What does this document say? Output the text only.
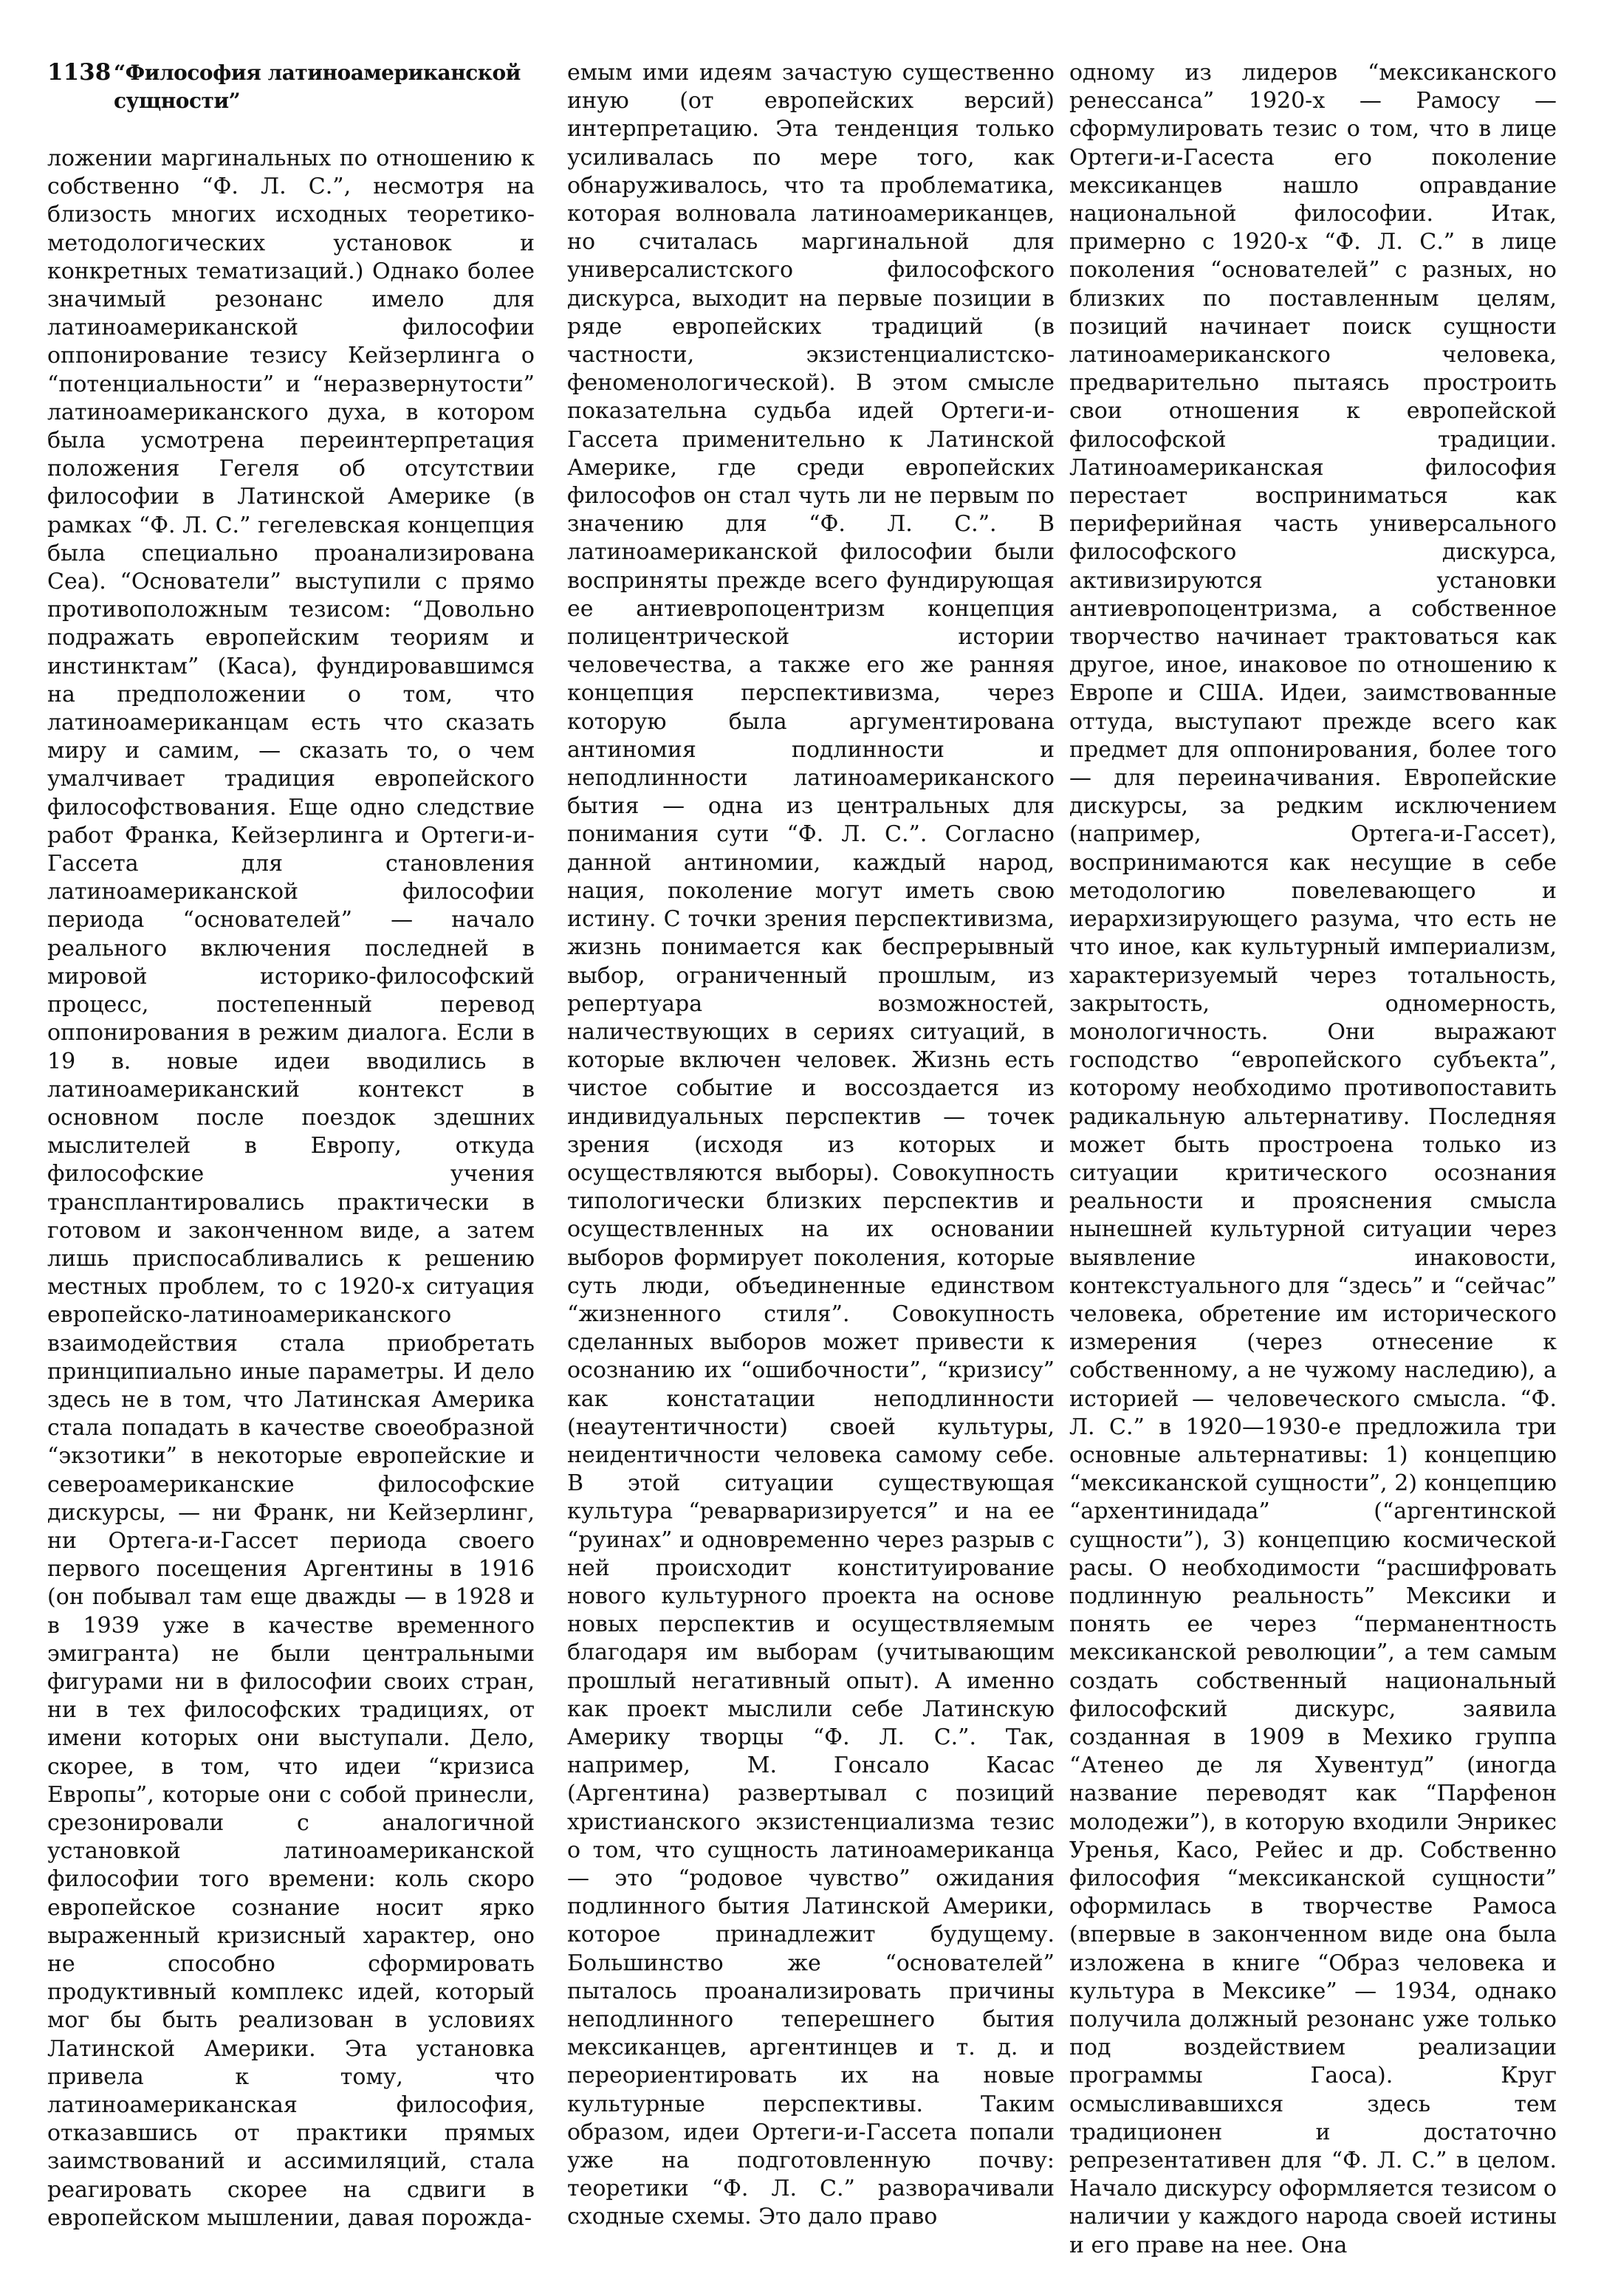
1138 “Философия латиноамериканской сущности”

ложении маргинальных по отношению к собственно “Ф. Л. С.”, несмотря на близость многих исходных теоретико-методологических установок и конкретных тематизаций.) Однако более значимый резонанс имело для латиноамериканской философии оппонирование тезису Кейзерлинга о “потенциальности” и “неразвернутости” латиноамериканского духа, в котором была усмотрена переинтерпретация положения Гегеля об отсутствии философии в Латинской Америке (в рамках “Ф. Л. С.” гегелевская концепция была специально проанализирована Сеа). “Основатели” выступили с прямо противоположным тезисом: “Довольно подражать европейским теориям и инстинктам” (Каса), фундировавшимся на предположении о том, что латиноамериканцам есть что сказать миру и самим, — сказать то, о чем умалчивает традиция европейского философствования. Еще одно следствие работ Франка, Кейзерлинга и Ортеги-и-Гассета для становления латиноамериканской философии периода “основателей” — начало реального включения последней в мировой историко-философский процесс, постепенный перевод оппонирования в режим диалога. Если в 19 в. новые идеи вводились в латиноамериканский контекст в основном после поездок здешних мыслителей в Европу, откуда философские учения трансплантировались практически в готовом и законченном виде, а затем лишь приспосабливались к решению местных проблем, то с 1920-х ситуация европейско-латиноамериканского взаимодействия стала приобретать принципиально иные параметры. И дело здесь не в том, что Латинская Америка стала попадать в качестве своеобразной “экзотики” в некоторые европейские и североамериканские философские дискурсы, — ни Франк, ни Кейзерлинг, ни Ортега-и-Гассет периода своего первого посещения Аргентины в 1916 (он побывал там еще дважды — в 1928 и в 1939 уже в качестве временного эмигранта) не были центральными фигурами ни в философии своих стран, ни в тех философских традициях, от имени которых они выступали. Дело, скорее, в том, что идеи “кризиса Европы”, которые они с собой принесли, срезонировали с аналогичной установкой латиноамериканской философии того времени: коль скоро европейское сознание носит ярко выраженный кризисный характер, оно не способно сформировать продуктивный комплекс идей, который мог бы быть реализован в условиях Латинской Америки. Эта установка привела к тому, что латиноамериканская философия, отказавшись от практики прямых заимствований и ассимиляций, стала реагировать скорее на сдвиги в европейском мышлении, давая порожда-

емым ими идеям зачастую существенно иную (от европейских версий) интерпретацию. Эта тенденция только усиливалась по мере того, как обнаруживалось, что та проблематика, которая волновала латиноамериканцев, но считалась маргинальной для универсалистского философского дискурса, выходит на первые позиции в ряде европейских традиций (в частности, экзистенциалистско-феноменологической). В этом смысле показательна судьба идей Ортеги-и-Гассета применительно к Латинской Америке, где среди европейских философов он стал чуть ли не первым по значению для “Ф. Л. С.”. В латиноамериканской философии были восприняты прежде всего фундирующая ее антиевропоцентризм концепция полицентрической истории человечества, а также его же ранняя концепция перспективизма, через которую была аргументирована антиномия подлинности и неподлинности латиноамериканского бытия — одна из центральных для понимания сути “Ф. Л. С.”. Согласно данной антиномии, каждый народ, нация, поколение могут иметь свою истину. С точки зрения перспективизма, жизнь понимается как беспрерывный выбор, ограниченный прошлым, из репертуара возможностей, наличествующих в сериях ситуаций, в которые включен человек. Жизнь есть чистое событие и воссоздается из индивидуальных перспектив — точек зрения (исходя из которых и осуществляются выборы). Совокупность типологически близких перспектив и осуществленных на их основании выборов формирует поколения, которые суть люди, объединенные единством “жизненного стиля”. Совокупность сделанных выборов может привести к осознанию их “ошибочности”, “кризису” как констатации неподлинности (неаутентичности) своей культуры, неидентичности человека самому себе. В этой ситуации существующая культура “реварваризируется” и на ее “руинах” и одновременно через разрыв с ней происходит конституирование нового культурного проекта на основе новых перспектив и осуществляемым благодаря им выборам (учитывающим прошлый негативный опыт). А именно как проект мыслили себе Латинскую Америку творцы “Ф. Л. С.”. Так, например, М. Гонсало Касас (Аргентина) развертывал с позиций христианского экзистенциализма тезис о том, что сущность латиноамериканца — это “родовое чувство” ожидания подлинного бытия Латинской Америки, которое принадлежит будущему. Большинство же “основателей” пыталось проанализировать причины неподлинного теперешнего бытия мексиканцев, аргентинцев и т. д. и переориентировать их на новые культурные перспективы. Таким образом, идеи Ортеги-и-Гассета попали уже на подготовленную почву: теоретики “Ф. Л. С.” разворачивали сходные схемы. Это дало право

одному из лидеров “мексиканского ренессанса” 1920-х — Рамосу — сформулировать тезис о том, что в лице Ортеги-и-Гасеста его поколение мексиканцев нашло оправдание национальной философии. Итак, примерно с 1920-х “Ф. Л. С.” в лице поколения “основателей” с разных, но близких по поставленным целям, позиций начинает поиск сущности латиноамериканского человека, предварительно пытаясь простроить свои отношения к европейской философской традиции. Латиноамериканская философия перестает восприниматься как периферийная часть универсального философского дискурса, активизируются установки антиевропоцентризма, а собственное творчество начинает трактоваться как другое, иное, инаковое по отношению к Европе и США. Идеи, заимствованные оттуда, выступают прежде всего как предмет для оппонирования, более того — для переиначивания. Европейские дискурсы, за редким исключением (например, Ортега-и-Гассет), воспринимаются как несущие в себе методологию повелевающего и иерархизирующего разума, что есть не что иное, как культурный империализм, характеризуемый через тотальность, закрытость, одномерность, монологичность. Они выражают господство “европейского субъекта”, которому необходимо противопоставить радикальную альтернативу. Последняя может быть простроена только из ситуации критического осознания реальности и прояснения смысла нынешней культурной ситуации через выявление инаковости, контекстуального для “здесь” и “сейчас” человека, обретение им исторического измерения (через отнесение к собственному, а не чужому наследию), а историей — человеческого смысла. “Ф. Л. С.” в 1920—1930-е предложила три основные альтернативы: 1) концепцию “мексиканской сущности”, 2) концепцию “архентинидада” (“аргентинской сущности”), 3) концепцию космической расы. О необходимости “расшифровать подлинную реальность” Мексики и понять ее через “перманентность мексиканской революции”, а тем самым создать собственный национальный философский дискурс, заявила созданная в 1909 в Мехико группа “Атенео де ля Хувентуд” (иногда название переводят как “Парфенон молодежи”), в которую входили Энрикес Уренья, Касо, Рейес и др. Собственно философия “мексиканской сущности” оформилась в творчестве Рамоса (впервые в законченном виде она была изложена в книге “Образ человека и культура в Мексике” — 1934, однако получила должный резонанс уже только под воздействием реализации программы Гаоса). Круг осмысливавшихся здесь тем традиционен и достаточно репрезентативен для “Ф. Л. С.” в целом. Начало дискурсу оформляется тезисом о наличии у каждого народа своей истины и его праве на нее. Она
